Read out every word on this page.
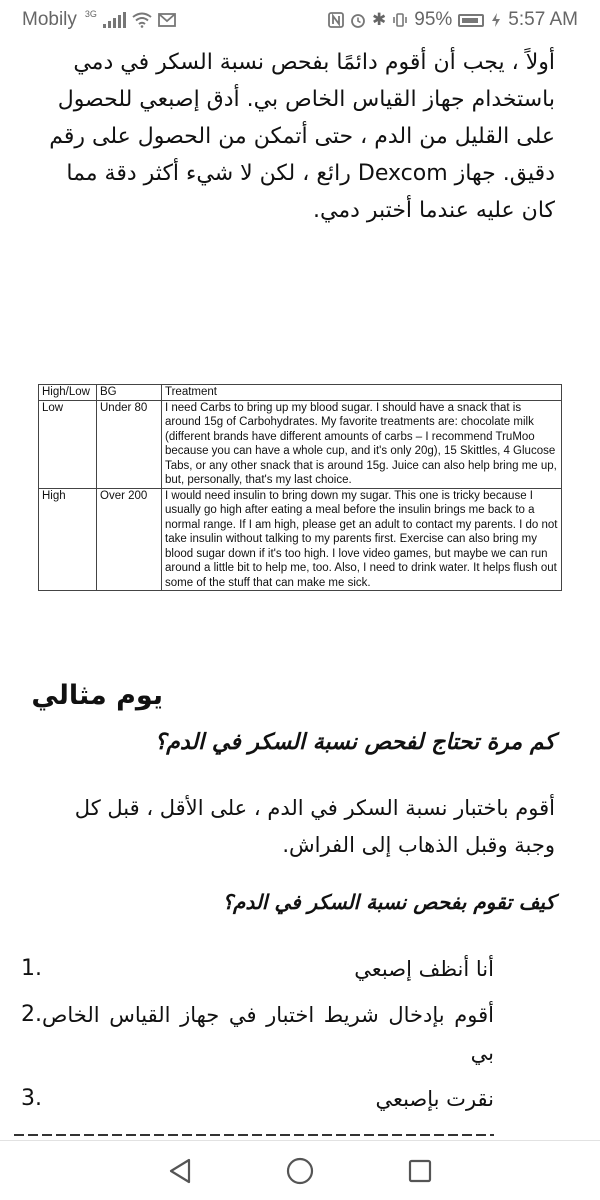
Mobily 3G	✱ 95%	5:57 AM

أولاً ، يجب أن أقوم دائمًا بفحص نسبة السكر في دمي باستخدام جهاز القياس الخاص بي. أدق إصبعي للحصول على القليل من الدم ، حتى أتمكن من الحصول على رقم دقيق. جهاز Dexcom رائع ، لكن لا شيء أكثر دقة مما كان عليه عندما أختبر دمي.

High/Low	BG	Treatment
Low	Under 80	I need Carbs to bring up my blood sugar. I should have a snack that is around 15g of Carbohydrates. My favorite treatments are: chocolate milk (different brands have different amounts of carbs – I recommend TruMoo because you can have a whole cup, and it's only 20g), 15 Skittles, 4 Glucose Tabs, or any other snack that is around 15g. Juice can also help bring me up, but, personally, that's my last choice.
High	Over 200	I would need insulin to bring down my sugar. This one is tricky because I usually go high after eating a meal before the insulin brings me back to a normal range. If I am high, please get an adult to contact my parents. I do not take insulin without talking to my parents first. Exercise can also bring my blood sugar down if it's too high. I love video games, but maybe we can run around a little bit to help me, too. Also, I need to drink water. It helps flush out some of the stuff that can make me sick.
يوم مثالي
كم مرة تحتاج لفحص نسبة السكر في الدم؟

أقوم باختبار نسبة السكر في الدم ، على الأقل ، قبل كل وجبة وقبل الذهاب إلى الفراش.

كيف تقوم بفحص نسبة السكر في الدم؟
1.	أنا أنظف إصبعي
2. أقوم بإدخال شريط اختبار في جهاز القياس الخاص بي
3.	نقرت بإصبعي
